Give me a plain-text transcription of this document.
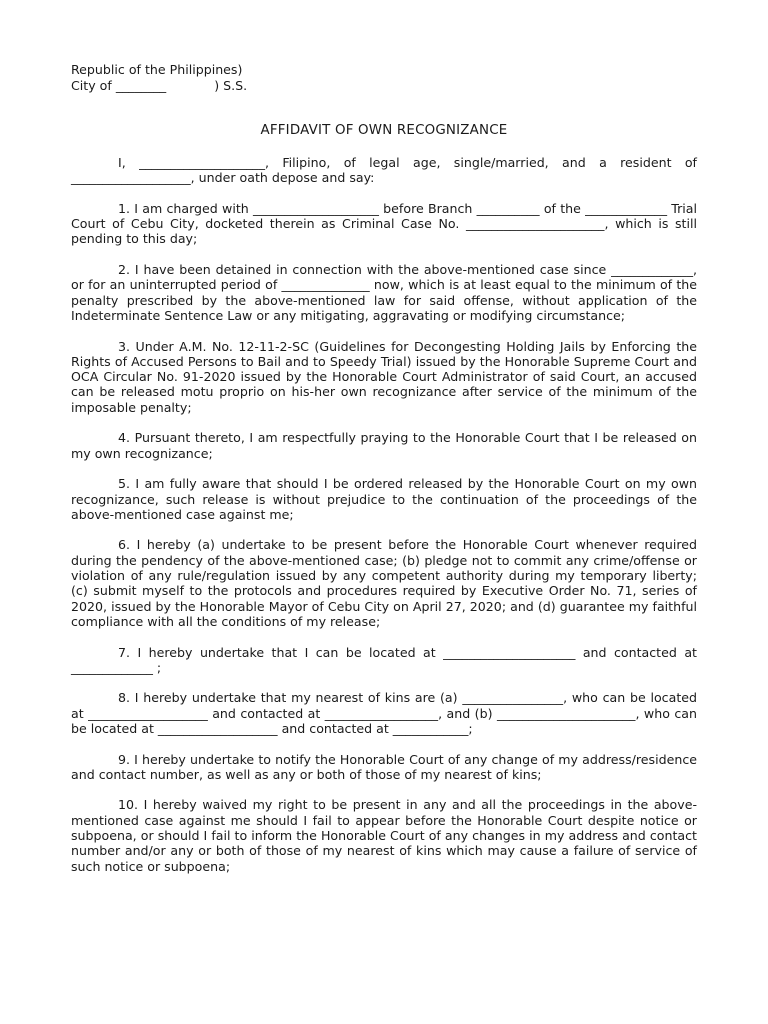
Republic of the Philippines)
City of ________            ) S.S.
AFFIDAVIT OF OWN RECOGNIZANCE

I, ____________________, Filipino, of legal age, single/married, and a resident of ___________________, under oath depose and say:

1. I am charged with ____________________ before Branch __________ of the _____________ Trial Court of Cebu City, docketed therein as Criminal Case No. ______________________, which is still pending to this day;

2. I have been detained in connection with the above-mentioned case since _____________, or for an uninterrupted period of ______________ now, which is at least equal to the minimum of the penalty prescribed by the above-mentioned law for said offense, without application of the Indeterminate Sentence Law or any mitigating, aggravating or modifying circumstance;

3. Under A.M. No. 12-11-2-SC (Guidelines for Decongesting Holding Jails by Enforcing the Rights of Accused Persons to Bail and to Speedy Trial) issued by the Honorable Supreme Court and OCA Circular No. 91-2020 issued by the Honorable Court Administrator of said Court, an accused can be released motu proprio on his-her own recognizance after service of the minimum of the imposable penalty;

4. Pursuant thereto, I am respectfully praying to the Honorable Court that I be released on my own recognizance;

5. I am fully aware that should I be ordered released by the Honorable Court on my own recognizance, such release is without prejudice to the continuation of the proceedings of the above-mentioned case against me;

6. I hereby (a) undertake to be present before the Honorable Court whenever required during the pendency of the above-mentioned case; (b) pledge not to commit any crime/offense or violation of any rule/regulation issued by any competent authority during my temporary liberty; (c) submit myself to the protocols and procedures required by Executive Order No. 71, series of 2020, issued by the Honorable Mayor of Cebu City on April 27, 2020; and (d) guarantee my faithful compliance with all the conditions of my release;

7. I hereby undertake that I can be located at _____________________ and contacted at _____________ ;

8. I hereby undertake that my nearest of kins are (a) ________________, who can be located at ___________________ and contacted at __________________, and (b) ______________________, who can be located at ___________________ and contacted at ____________;

9. I hereby undertake to notify the Honorable Court of any change of my address/residence and contact number, as well as any or both of those of my nearest of kins;

10. I hereby waived my right to be present in any and all the proceedings in the above-mentioned case against me should I fail to appear before the Honorable Court despite notice or subpoena, or should I fail to inform the Honorable Court of any changes in my address and contact number and/or any or both of those of my nearest of kins which may cause a failure of service of such notice or subpoena;
